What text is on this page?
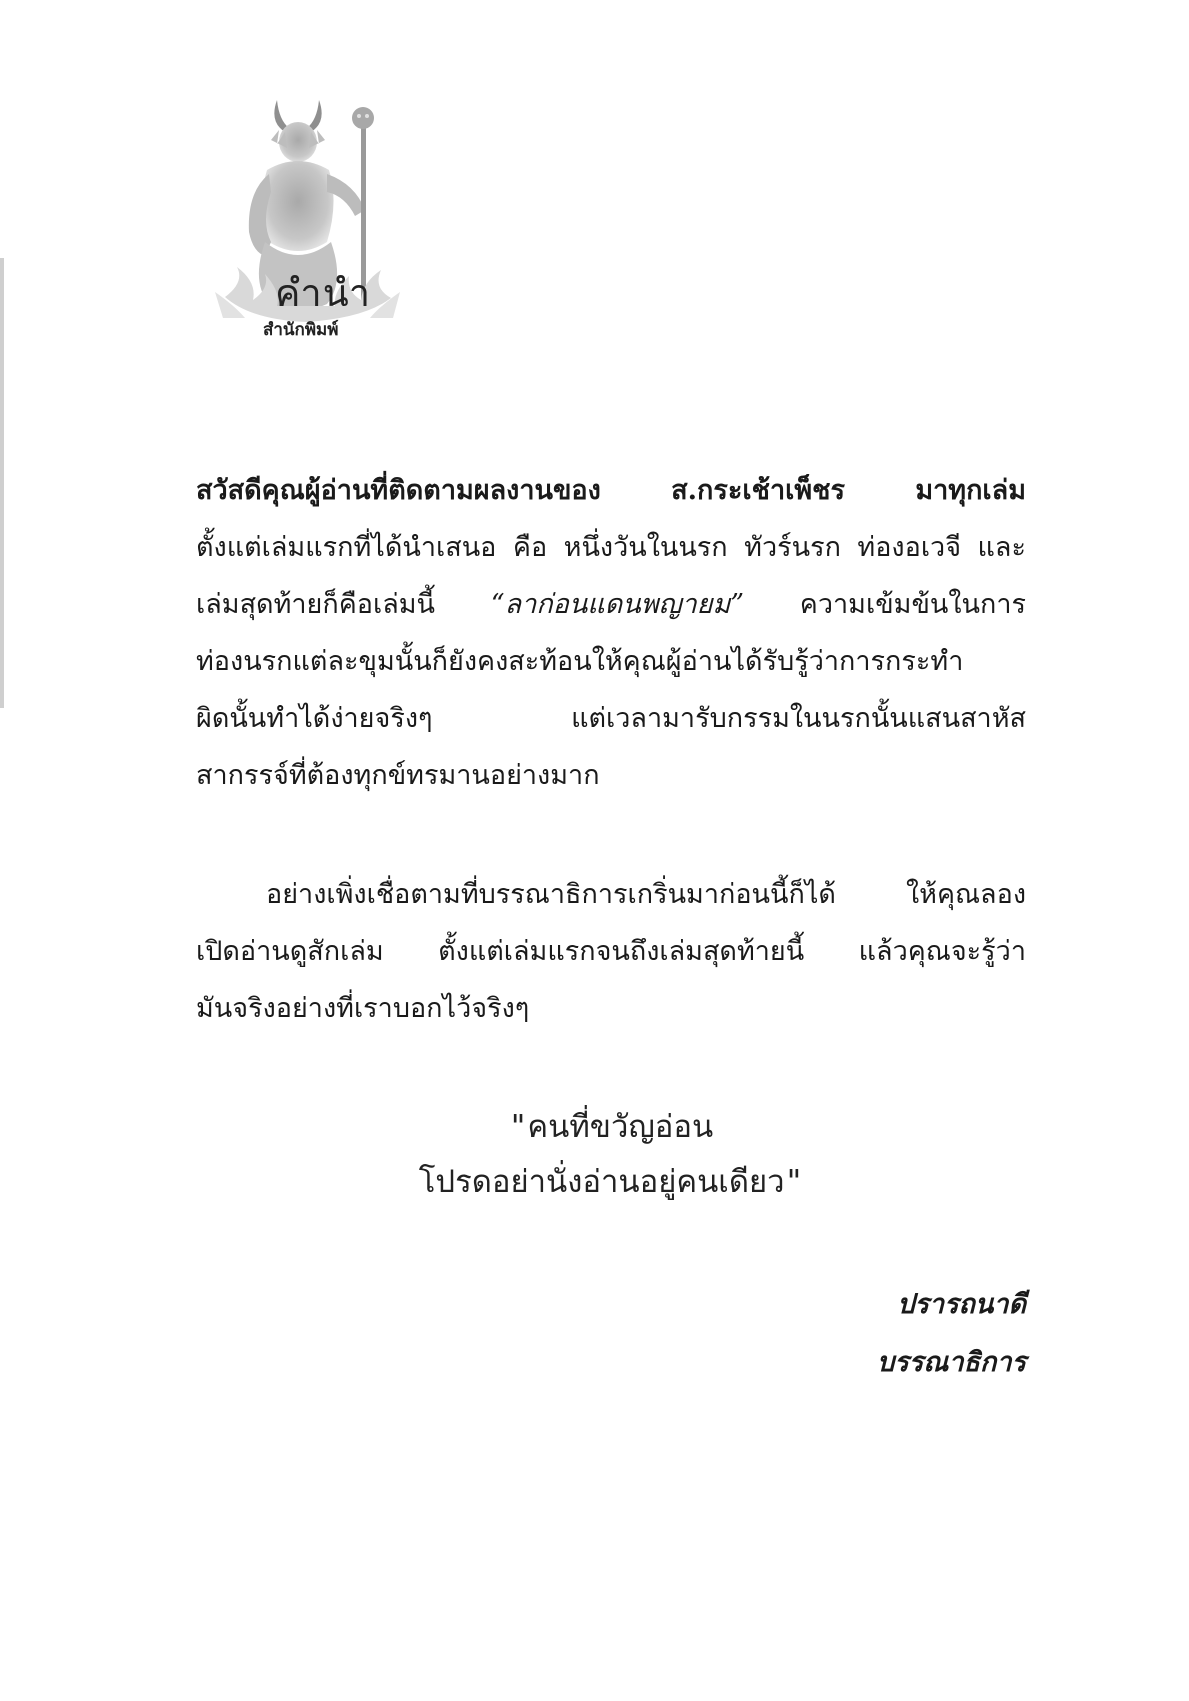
คำนำ
สำนักพิมพ์

สวัสดีคุณผู้อ่านที่ติดตามผลงานของ ส.กระเช้าเพ็ชร มาทุกเล่ม
ตั้งแต่เล่มแรกที่ได้นำเสนอ คือ หนึ่งวันในนรก ทัวร์นรก ท่องอเวจี และ
เล่มสุดท้ายก็คือเล่มนี้ “ลาก่อนแดนพญายม” ความเข้มข้นในการ
ท่องนรกแต่ละขุมนั้นก็ยังคงสะท้อนให้คุณผู้อ่านได้รับรู้ว่าการกระทำ
ผิดนั้นทำได้ง่ายจริงๆ แต่เวลามารับกรรมในนรกนั้นแสนสาหัส
สากรรจ์ที่ต้องทุกข์ทรมานอย่างมาก

อย่างเพิ่งเชื่อตามที่บรรณาธิการเกริ่นมาก่อนนี้ก็ได้ ให้คุณลอง
เปิดอ่านดูสักเล่ม ตั้งแต่เล่มแรกจนถึงเล่มสุดท้ายนี้ แล้วคุณจะรู้ว่า
มันจริงอย่างที่เราบอกไว้จริงๆ

"คนที่ขวัญอ่อน
โปรดอย่านั่งอ่านอยู่คนเดียว"
ปรารถนาดี
บรรณาธิการ
